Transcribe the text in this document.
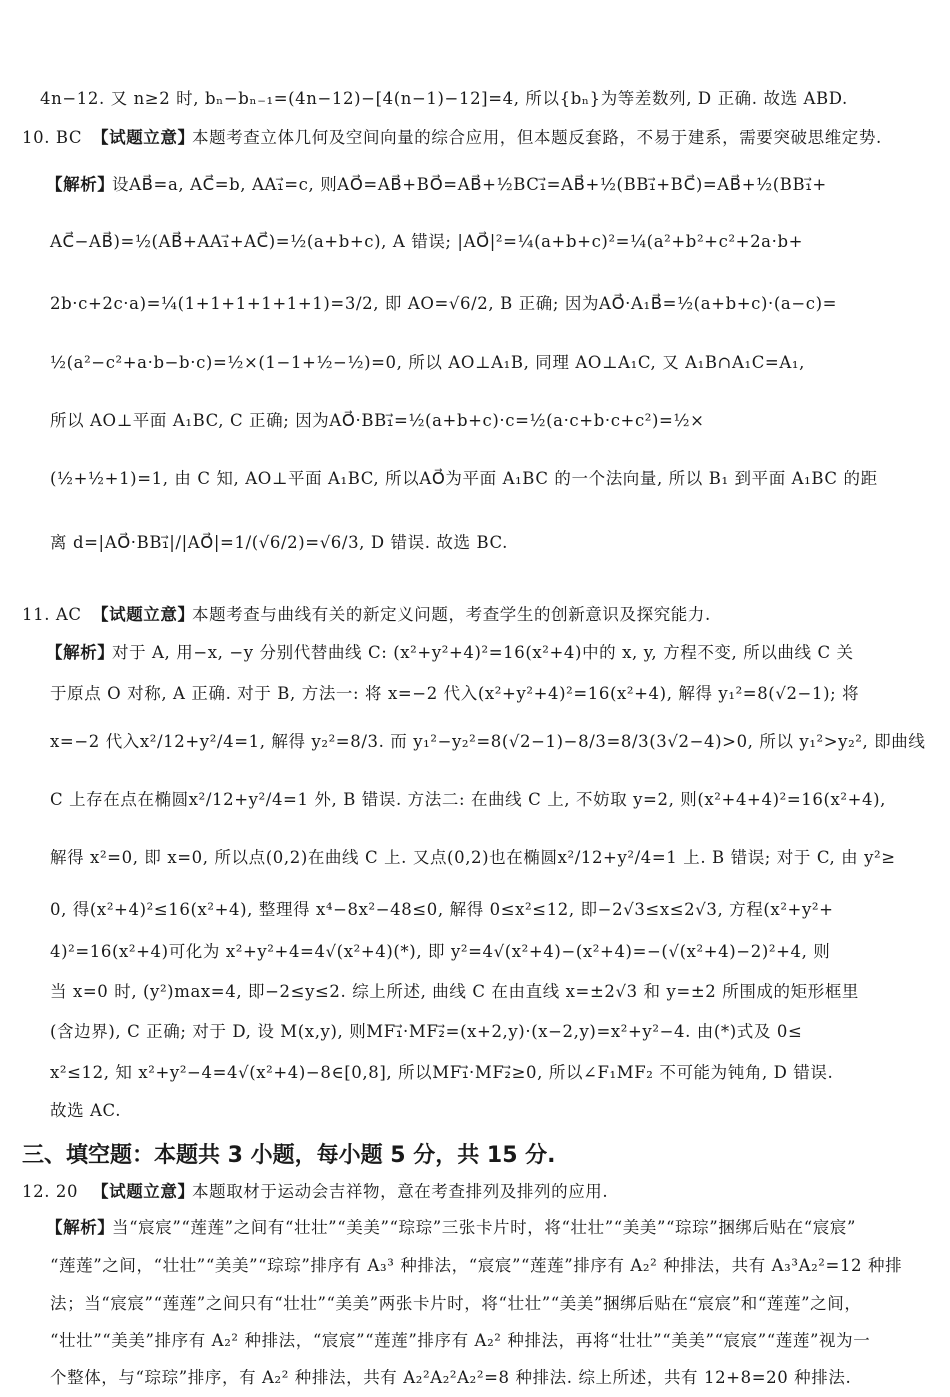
4n−12. 又 n≥2 时, bₙ−bₙ₋₁=(4n−12)−[4(n−1)−12]=4, 所以{bₙ}为等差数列, D 正确. 故选 ABD.
10. BC 【试题立意】
本题考查立体几何及空间向量的综合应用，但本题反套路，不易于建系，需要突破思维定势.
【解析】
设AB⃗=a, AC⃗=b, AA₁⃗=c, 则AO⃗=AB⃗+BO⃗=AB⃗+½BC₁⃗=AB⃗+½(BB₁⃗+BC⃗)=AB⃗+½(BB₁⃗+
AC⃗−AB⃗)=½(AB⃗+AA₁⃗+AC⃗)=½(a+b+c), A 错误; |AO⃗|²=¼(a+b+c)²=¼(a²+b²+c²+2a·b+
2b·c+2c·a)=¼(1+1+1+1+1+1)=3/2, 即 AO=√6/2, B 正确; 因为AO⃗·A₁B⃗=½(a+b+c)·(a−c)=
½(a²−c²+a·b−b·c)=½×(1−1+½−½)=0, 所以 AO⊥A₁B, 同理 AO⊥A₁C, 又 A₁B∩A₁C=A₁,
所以 AO⊥平面 A₁BC, C 正确; 因为AO⃗·BB₁⃗=½(a+b+c)·c=½(a·c+b·c+c²)=½×
(½+½+1)=1, 由 C 知, AO⊥平面 A₁BC, 所以AO⃗为平面 A₁BC 的一个法向量, 所以 B₁ 到平面 A₁BC 的距
离 d=|AO⃗·BB₁⃗|/|AO⃗|=1/(√6/2)=√6/3, D 错误. 故选 BC.
11. AC 【试题立意】
本题考查与曲线有关的新定义问题，考查学生的创新意识及探究能力.
【解析】
对于 A, 用−x, −y 分别代替曲线 C: (x²+y²+4)²=16(x²+4)中的 x, y, 方程不变, 所以曲线 C 关
于原点 O 对称, A 正确. 对于 B, 方法一: 将 x=−2 代入(x²+y²+4)²=16(x²+4), 解得 y₁²=8(√2−1); 将
x=−2 代入x²/12+y²/4=1, 解得 y₂²=8/3. 而 y₁²−y₂²=8(√2−1)−8/3=8/3(3√2−4)>0, 所以 y₁²>y₂², 即曲线
C 上存在点在椭圆x²/12+y²/4=1 外, B 错误. 方法二: 在曲线 C 上, 不妨取 y=2, 则(x²+4+4)²=16(x²+4),
解得 x²=0, 即 x=0, 所以点(0,2)在曲线 C 上. 又点(0,2)也在椭圆x²/12+y²/4=1 上. B 错误; 对于 C, 由 y²≥
0, 得(x²+4)²≤16(x²+4), 整理得 x⁴−8x²−48≤0, 解得 0≤x²≤12, 即−2√3≤x≤2√3, 方程(x²+y²+
4)²=16(x²+4)可化为 x²+y²+4=4√(x²+4)(*), 即 y²=4√(x²+4)−(x²+4)=−(√(x²+4)−2)²+4, 则
当 x=0 时, (y²)max=4, 即−2≤y≤2. 综上所述, 曲线 C 在由直线 x=±2√3 和 y=±2 所围成的矩形框里
(含边界), C 正确; 对于 D, 设 M(x,y), 则MF₁⃗·MF₂⃗=(x+2,y)·(x−2,y)=x²+y²−4. 由(*)式及 0≤
x²≤12, 知 x²+y²−4=4√(x²+4)−8∈[0,8], 所以MF₁⃗·MF₂⃗≥0, 所以∠F₁MF₂ 不可能为钝角, D 错误.
故选 AC.
三、填空题：本题共 3 小题，每小题 5 分，共 15 分.
12. 20 【试题立意】
本题取材于运动会吉祥物，意在考查排列及排列的应用.
【解析】
当“宸宸”“莲莲”之间有“壮壮”“美美”“琮琮”三张卡片时，将“壮壮”“美美”“琮琮”捆绑后贴在“宸宸”
“莲莲”之间，“壮壮”“美美”“琮琮”排序有 A₃³ 种排法，“宸宸”“莲莲”排序有 A₂² 种排法，共有 A₃³A₂²=12 种排
法；当“宸宸”“莲莲”之间只有“壮壮”“美美”两张卡片时，将“壮壮”“美美”捆绑后贴在“宸宸”和“莲莲”之间，
“壮壮”“美美”排序有 A₂² 种排法，“宸宸”“莲莲”排序有 A₂² 种排法，再将“壮壮”“美美”“宸宸”“莲莲”视为一
个整体，与“琮琮”排序，有 A₂² 种排法，共有 A₂²A₂²A₂²=8 种排法. 综上所述，共有 12+8=20 种排法.
